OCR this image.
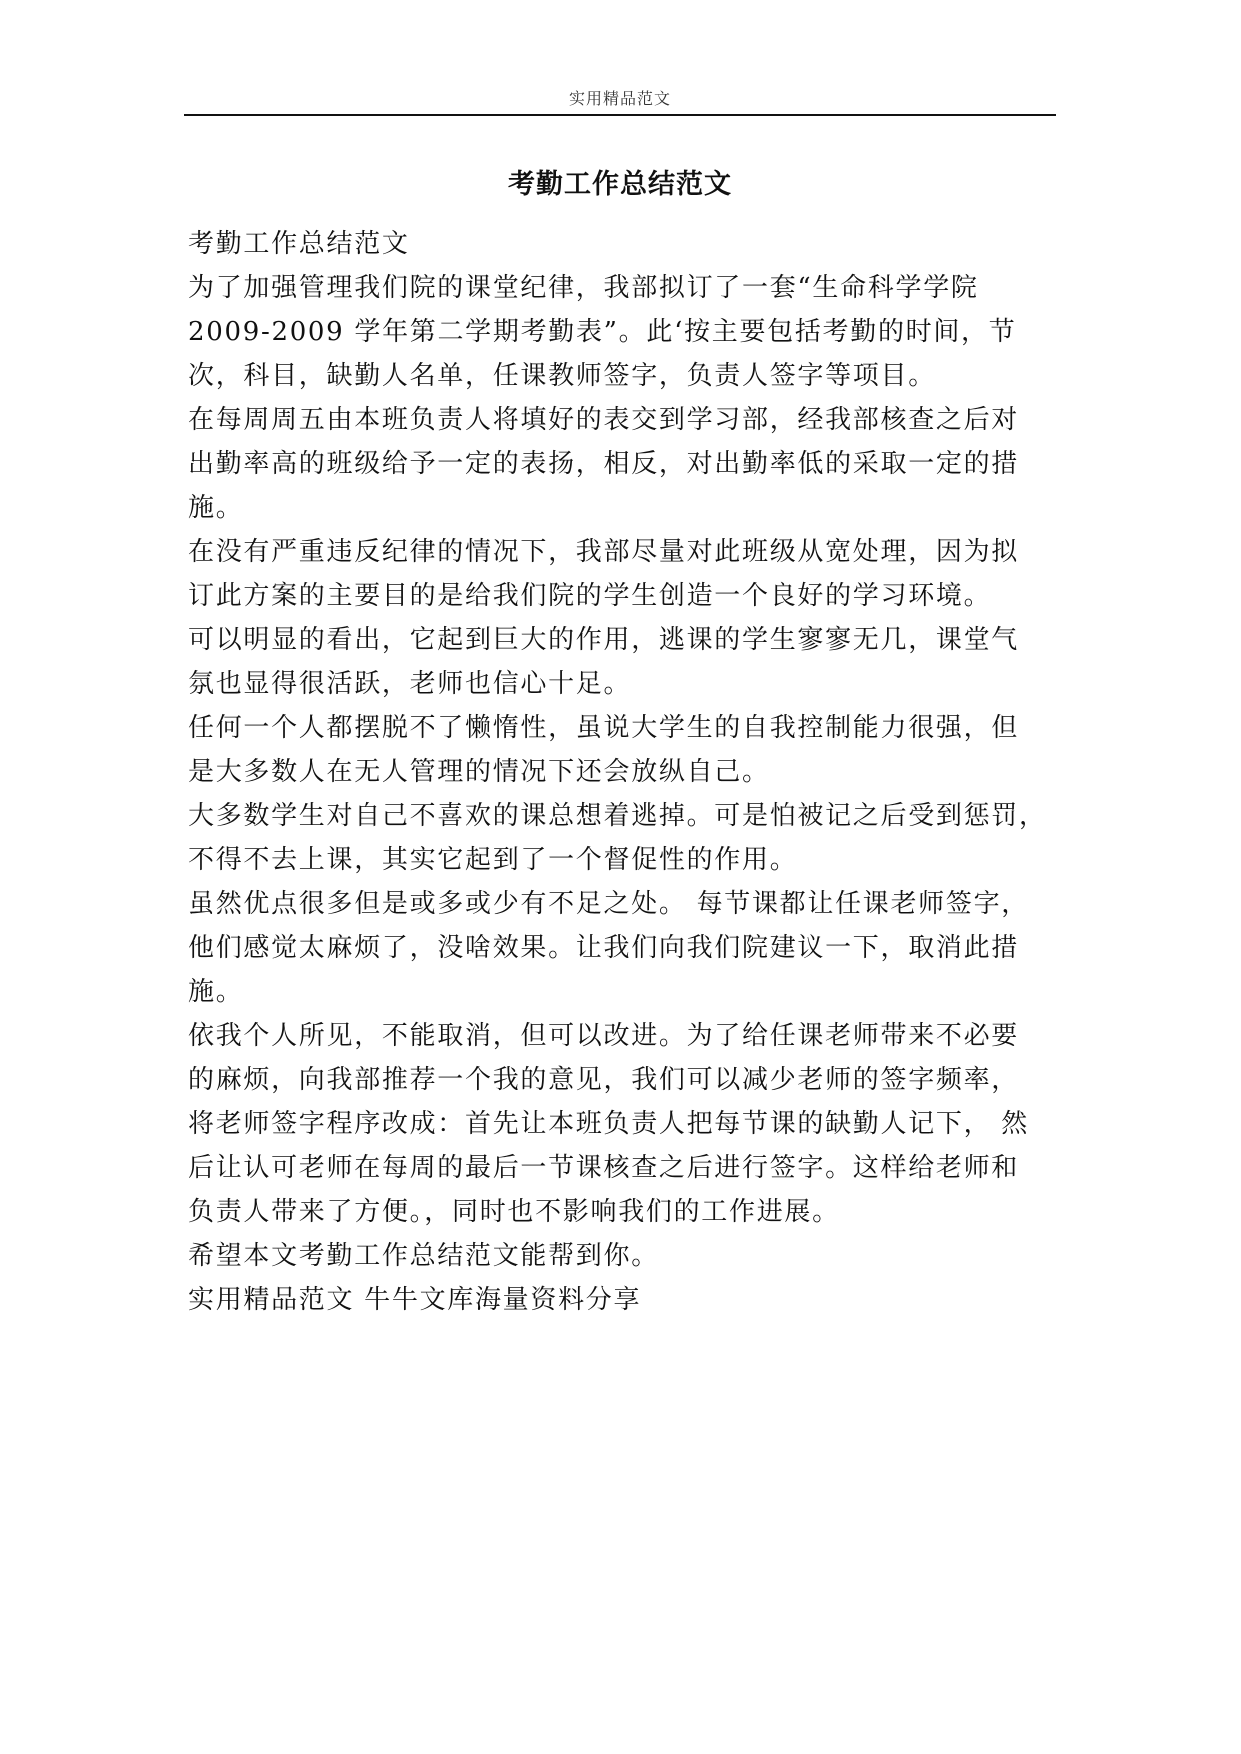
实用精品范文
考勤工作总结范文
考勤工作总结范文
为了加强管理我们院的课堂纪律，我部拟订了一套“生命科学学院
2009-2009 学年第二学期考勤表”。此‘按主要包括考勤的时间，节
次，科目，缺勤人名单，任课教师签字，负责人签字等项目。
在每周周五由本班负责人将填好的表交到学习部，经我部核查之后对
出勤率高的班级给予一定的表扬，相反，对出勤率低的采取一定的措
施。
在没有严重违反纪律的情况下，我部尽量对此班级从宽处理，因为拟
订此方案的主要目的是给我们院的学生创造一个良好的学习环境。
可以明显的看出，它起到巨大的作用，逃课的学生寥寥无几，课堂气
氛也显得很活跃，老师也信心十足。
任何一个人都摆脱不了懒惰性，虽说大学生的自我控制能力很强，但
是大多数人在无人管理的情况下还会放纵自己。
大多数学生对自己不喜欢的课总想着逃掉。可是怕被记之后受到惩罚，
不得不去上课，其实它起到了一个督促性的作用。
虽然优点很多但是或多或少有不足之处。 每节课都让任课老师签字，
他们感觉太麻烦了，没啥效果。让我们向我们院建议一下，取消此措
施。
依我个人所见，不能取消，但可以改进。为了给任课老师带来不必要
的麻烦，向我部推荐一个我的意见，我们可以减少老师的签字频率，
将老师签字程序改成：首先让本班负责人把每节课的缺勤人记下， 然
后让认可老师在每周的最后一节课核查之后进行签字。这样给老师和
负责人带来了方便。，同时也不影响我们的工作进展。
希望本文考勤工作总结范文能帮到你。
实用精品范文 牛牛文库海量资料分享
